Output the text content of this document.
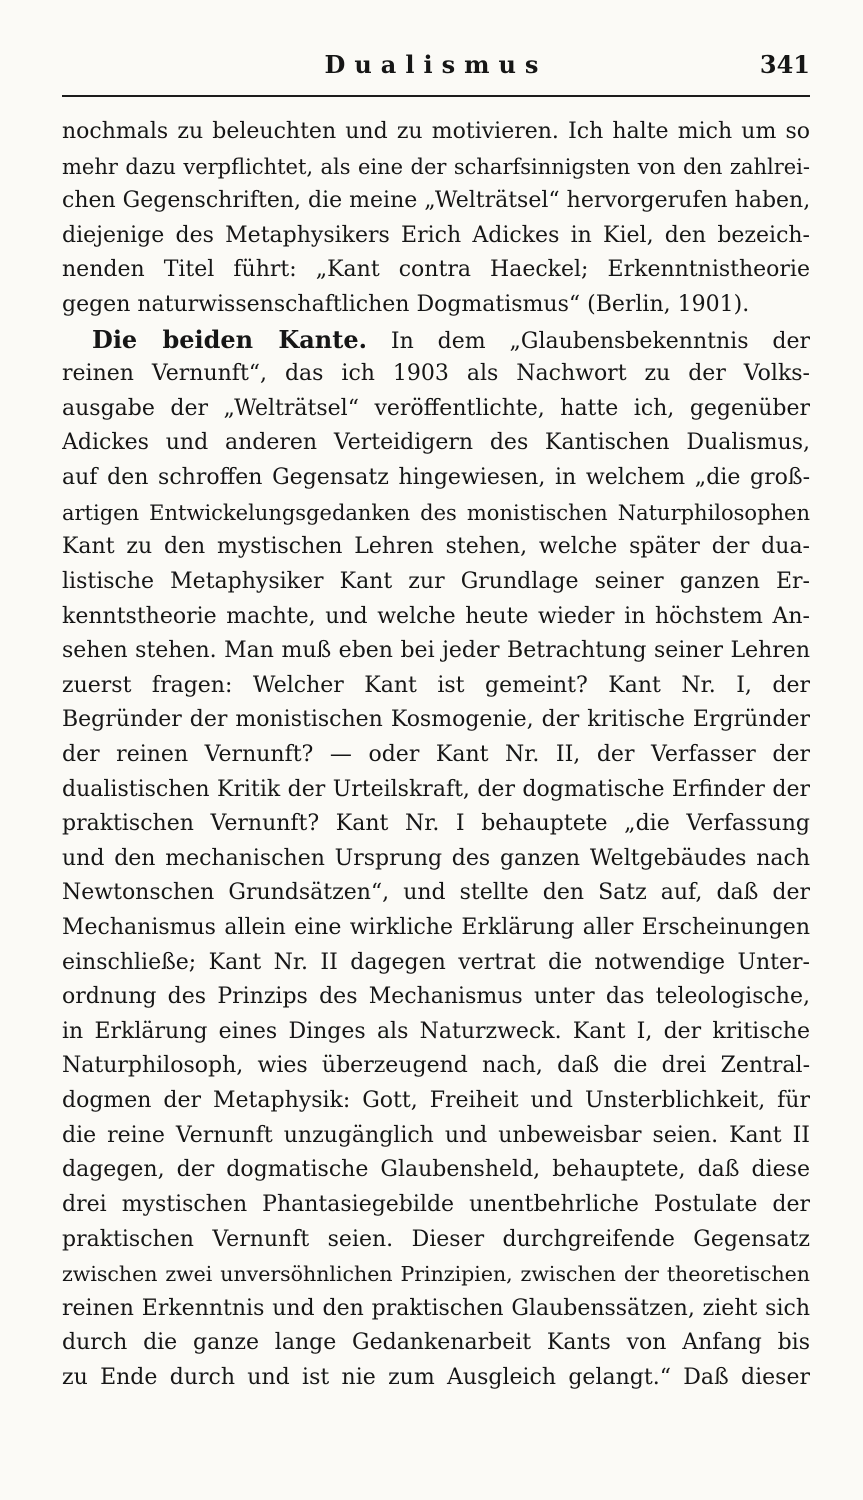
Dualismus	341
nochmals zu beleuchten und zu motivieren. Ich halte mich um so
mehr dazu verpflichtet, als eine der scharfsinnigsten von den zahlrei-
chen Gegenschriften, die meine „Welträtsel“ hervorgerufen haben,
diejenige des Metaphysikers Erich Adickes in Kiel, den bezeich-
nenden Titel führt: „Kant contra Haeckel; Erkenntnistheorie
gegen naturwissenschaftlichen Dogmatismus“ (Berlin, 1901).
Die beiden Kante. In dem „Glaubensbekenntnis der
reinen Vernunft“, das ich 1903 als Nachwort zu der Volks-
ausgabe der „Welträtsel“ veröffentlichte, hatte ich, gegenüber
Adickes und anderen Verteidigern des Kantischen Dualismus,
auf den schroffen Gegensatz hingewiesen, in welchem „die groß-
artigen Entwickelungsgedanken des monistischen Naturphilosophen
Kant zu den mystischen Lehren stehen, welche später der dua-
listische Metaphysiker Kant zur Grundlage seiner ganzen Er-
kenntstheorie machte, und welche heute wieder in höchstem An-
sehen stehen. Man muß eben bei jeder Betrachtung seiner Lehren
zuerst fragen: Welcher Kant ist gemeint? Kant Nr. I, der
Begründer der monistischen Kosmogenie, der kritische Ergründer
der reinen Vernunft? — oder Kant Nr. II, der Verfasser der
dualistischen Kritik der Urteilskraft, der dogmatische Erfinder der
praktischen Vernunft? Kant Nr. I behauptete „die Verfassung
und den mechanischen Ursprung des ganzen Weltgebäudes nach
Newtonschen Grundsätzen“, und stellte den Satz auf, daß der
Mechanismus allein eine wirkliche Erklärung aller Erscheinungen
einschließe; Kant Nr. II dagegen vertrat die notwendige Unter-
ordnung des Prinzips des Mechanismus unter das teleologische,
in Erklärung eines Dinges als Naturzweck. Kant I, der kritische
Naturphilosoph, wies überzeugend nach, daß die drei Zentral-
dogmen der Metaphysik: Gott, Freiheit und Unsterblichkeit, für
die reine Vernunft unzugänglich und unbeweisbar seien. Kant II
dagegen, der dogmatische Glaubensheld, behauptete, daß diese
drei mystischen Phantasiegebilde unentbehrliche Postulate der
praktischen Vernunft seien. Dieser durchgreifende Gegensatz
zwischen zwei unversöhnlichen Prinzipien, zwischen der theoretischen
reinen Erkenntnis und den praktischen Glaubenssätzen, zieht sich
durch die ganze lange Gedankenarbeit Kants von Anfang bis
zu Ende durch und ist nie zum Ausgleich gelangt.“ Daß dieser
